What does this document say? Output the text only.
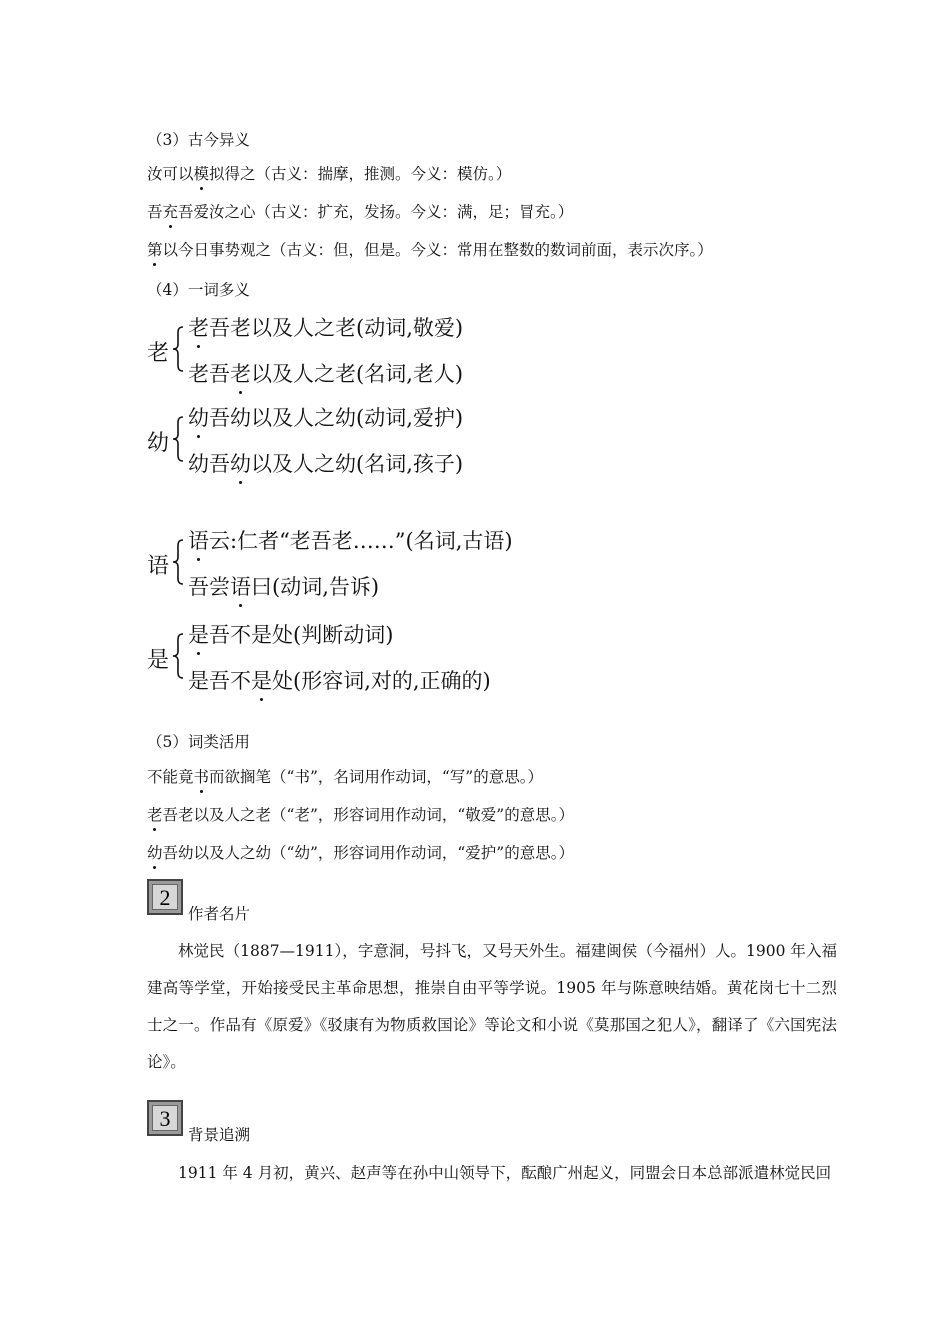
（3）古今异义
汝可以模拟得之（古义：揣摩，推测。今义：模仿。）
吾充吾爱汝之心（古义：扩充，发扬。今义：满，足；冒充。）
第以今日事势观之（古义：但，但是。今义：常用在整数的数词前面，表示次序。）
（4）一词多义
老
老吾老以及人之老(动词,敬爱)
老吾老以及人之老(名词,老人)
幼
幼吾幼以及人之幼(动词,爱护)
幼吾幼以及人之幼(名词,孩子)
语
语云:仁者“老吾老……”(名词,古语)
吾尝语曰(动词,告诉)
是
是吾不是处(判断动词)
是吾不是处(形容词,对的,正确的)
（5）词类活用
不能竟书而欲搁笔（“书”，名词用作动词，“写”的意思。）
老吾老以及人之老（“老”，形容词用作动词，“敬爱”的意思。）
幼吾幼以及人之幼（“幼”，形容词用作动词，“爱护”的意思。）
2
作者名片
林觉民（1887—1911），字意洞，号抖飞，又号天外生。福建闽侯（今福州）人。1900 年入福建高等学堂，开始接受民主革命思想，推崇自由平等学说。1905 年与陈意映结婚。黄花岗七十二烈士之一。作品有《原爱》《驳康有为物质救国论》等论文和小说《莫那国之犯人》，翻译了《六国宪法论》。
3
背景追溯
1911 年 4 月初，黄兴、赵声等在孙中山领导下，酝酿广州起义，同盟会日本总部派遣林觉民回
